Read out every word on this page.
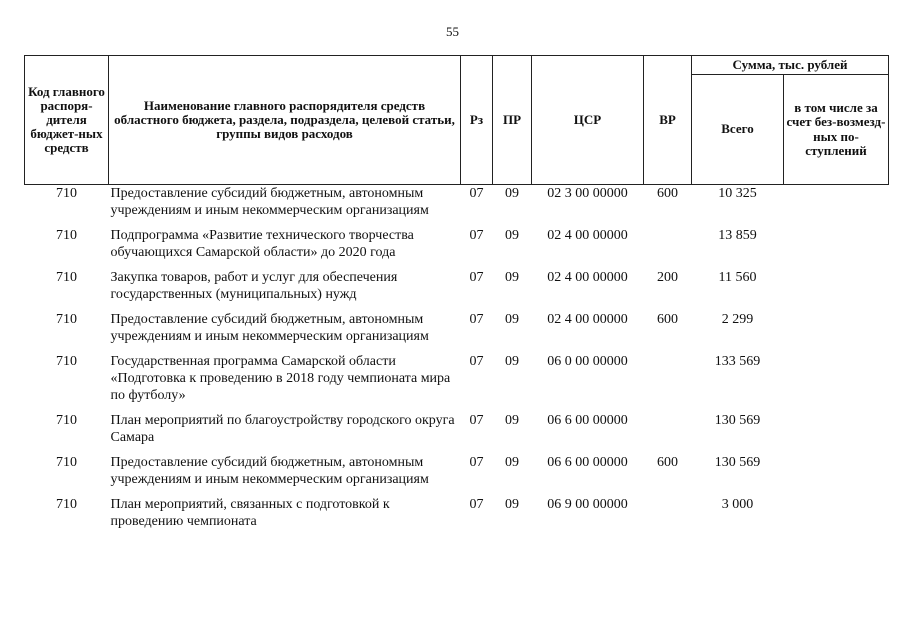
55
Код главного распоря-дителя бюджет-ных средств	Наименование главного распорядителя средств областного бюджета, раздела, подраздела, целевой статьи, группы видов расходов	Рз	ПР	ЦСР	ВР	Сумма, тыс. рублей	
						Всего	в том числе за счет без-возмезд-ных по-ступлений
710	Предоставление субсидий бюджетным, автономным учреждениям и иным некоммерческим организациям	07	09	02 3 00 00000	600	10 325	
710	Подпрограмма «Развитие технического творчества обучающихся Самарской области» до 2020 года	07	09	02 4 00 00000		13 859	
710	Закупка товаров, работ и услуг для обеспечения государственных (муниципальных) нужд	07	09	02 4 00 00000	200	11 560	
710	Предоставление субсидий бюджетным, автономным учреждениям и иным некоммерческим организациям	07	09	02 4 00 00000	600	2 299	
710	Государственная программа Самарской области «Подготовка к проведению в 2018 году чемпионата мира по футболу»	07	09	06 0 00 00000		133 569	
710	План мероприятий по благоустройству городского округа Самара	07	09	06 6 00 00000		130 569	
710	Предоставление субсидий бюджетным, автономным учреждениям и иным некоммерческим организациям	07	09	06 6 00 00000	600	130 569	
710	План мероприятий, связанных с подготовкой к проведению чемпионата	07	09	06 9 00 00000		3 000	
